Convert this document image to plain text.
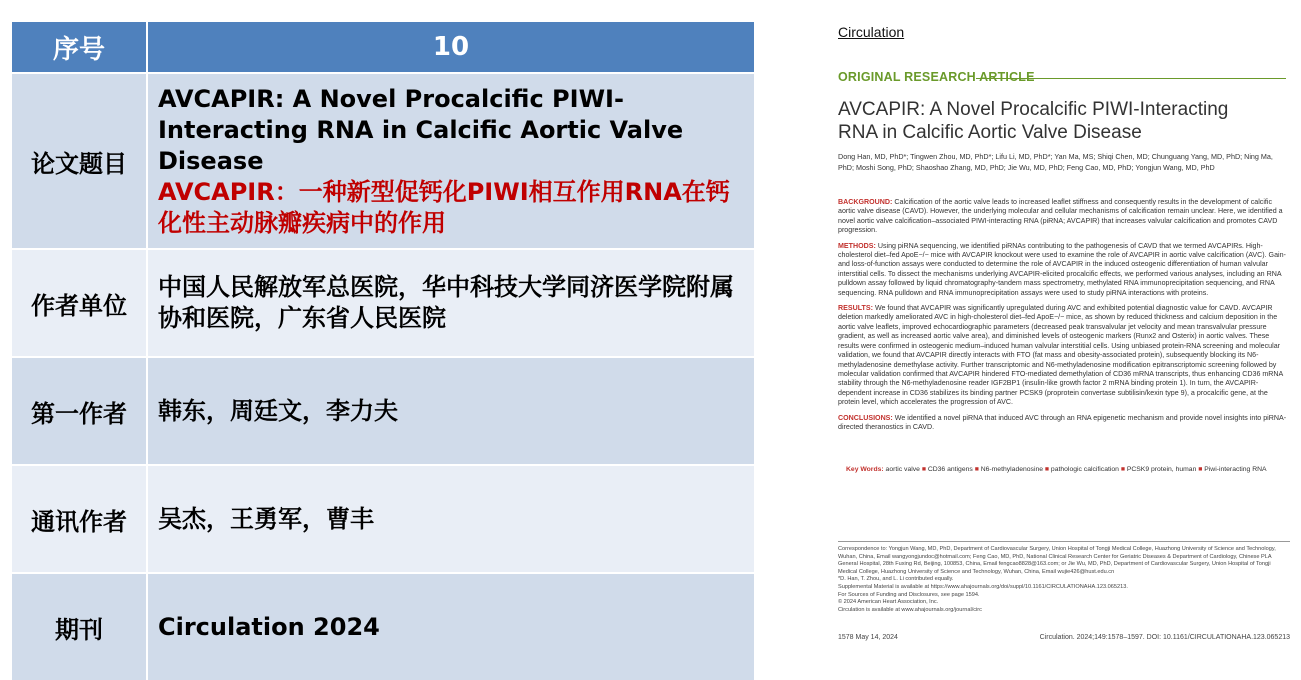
序号	10
论文题目	AVCAPIR: A Novel Procalcific PIWI-Interacting RNA in Calcific Aortic Valve Disease
AVCAPIR：一种新型促钙化PIWI相互作用RNA在钙化性主动脉瓣疾病中的作用

作者单位	中国人民解放军总医院，华中科技大学同济医学院附属协和医院，广东省人民医院
第一作者	韩东，周廷文，李力夫
通讯作者	吴杰，王勇军，曹丰
期刊	Circulation 2024
Circulation
ORIGINAL RESEARCH ARTICLE
AVCAPIR: A Novel Procalcific PIWI-Interacting RNA in Calcific Aortic Valve Disease
Dong Han, MD, PhD*; Tingwen Zhou, MD, PhD*; Lifu Li, MD, PhD*; Yan Ma, MS; Shiqi Chen, MD; Chunguang Yang, MD, PhD; Ning Ma, PhD; Moshi Song, PhD; Shaoshao Zhang, MD, PhD; Jie Wu, MD, PhD; Feng Cao, MD, PhD; Yongjun Wang, MD, PhD

BACKGROUND: Calcification of the aortic valve leads to increased leaflet stiffness and consequently results in the development of calcific aortic valve disease (CAVD). However, the underlying molecular and cellular mechanisms of calcification remain unclear. Here, we identified a novel aortic valve calcification–associated PIWI-interacting RNA (piRNA; AVCAPIR) that increases valvular calcification and promotes CAVD progression.

METHODS: Using piRNA sequencing, we identified piRNAs contributing to the pathogenesis of CAVD that we termed AVCAPIRs. High-cholesterol diet–fed ApoE−/− mice with AVCAPIR knockout were used to examine the role of AVCAPIR in aortic valve calcification (AVC). Gain- and loss-of-function assays were conducted to determine the role of AVCAPIR in the induced osteogenic differentiation of human valvular interstitial cells. To dissect the mechanisms underlying AVCAPIR-elicited procalcific effects, we performed various analyses, including an RNA pulldown assay followed by liquid chromatography-tandem mass spectrometry, methylated RNA immunoprecipitation sequencing, and RNA sequencing. RNA pulldown and RNA immunoprecipitation assays were used to study piRNA interactions with proteins.

RESULTS: We found that AVCAPIR was significantly upregulated during AVC and exhibited potential diagnostic value for CAVD. AVCAPIR deletion markedly ameliorated AVC in high-cholesterol diet–fed ApoE−/− mice, as shown by reduced thickness and calcium deposition in the aortic valve leaflets, improved echocardiographic parameters (decreased peak transvalvular jet velocity and mean transvalvular pressure gradient, as well as increased aortic valve area), and diminished levels of osteogenic markers (Runx2 and Osterix) in aortic valves. These results were confirmed in osteogenic medium–induced human valvular interstitial cells. Using unbiased protein-RNA screening and molecular validation, we found that AVCAPIR directly interacts with FTO (fat mass and obesity-associated protein), subsequently blocking its N6-methyladenosine demethylase activity. Further transcriptomic and N6-methyladenosine modification epitranscriptomic screening followed by molecular validation confirmed that AVCAPIR hindered FTO-mediated demethylation of CD36 mRNA transcripts, thus enhancing CD36 mRNA stability through the N6-methyladenosine reader IGF2BP1 (insulin-like growth factor 2 mRNA binding protein 1). In turn, the AVCAPIR-dependent increase in CD36 stabilizes its binding partner PCSK9 (proprotein convertase subtilisin/kexin type 9), a procalcific gene, at the protein level, which accelerates the progression of AVC.

CONCLUSIONS: We identified a novel piRNA that induced AVC through an RNA epigenetic mechanism and provide novel insights into piRNA-directed theranostics in CAVD.

Key Words: aortic valve ■ CD36 antigens ■ N6-methyladenosine ■ pathologic calcification ■ PCSK9 protein, human ■ Piwi-interacting RNA
Correspondence to: Yongjun Wang, MD, PhD, Department of Cardiovascular Surgery, Union Hospital of Tongji Medical College, Huazhong University of Science and Technology, Wuhan, China, Email wangyongjundoc@hotmail.com; Feng Cao, MD, PhD, National Clinical Research Center for Geriatric Diseases & Department of Cardiology, Chinese PLA General Hospital, 28th Fuxing Rd, Beijing, 100853, China, Email fengcao8828@163.com; or Jie Wu, MD, PhD, Department of Cardiovascular Surgery, Union Hospital of Tongji Medical College, Huazhong University of Science and Technology, Wuhan, China, Email wujie426@hust.edu.cn
*D. Han, T. Zhou, and L. Li contributed equally.
Supplemental Material is available at https://www.ahajournals.org/doi/suppl/10.1161/CIRCULATIONAHA.123.065213.
For Sources of Funding and Disclosures, see page 1594.
© 2024 American Heart Association, Inc.
Circulation is available at www.ahajournals.org/journal/circ
1578 May 14, 2024	Circulation. 2024;149:1578–1597. DOI: 10.1161/CIRCULATIONAHA.123.065213
